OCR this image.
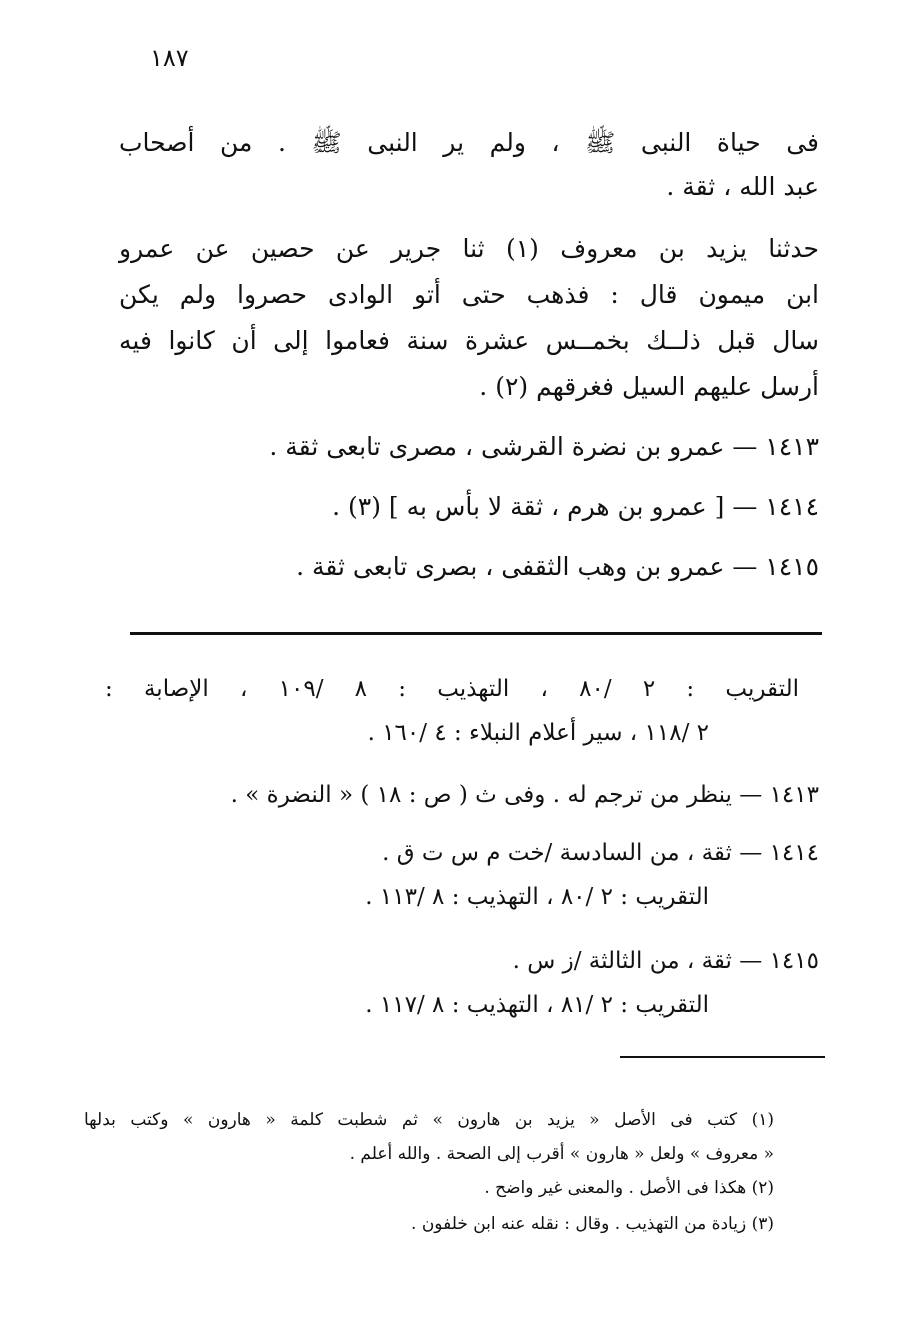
١٨٧
فى حياة النبى ﷺ ، ولم ير النبى ﷺ . من أصحاب
عبد الله ، ثقة .
حدثنا يزيد بن معروف (١) ثنا جرير عن حصين عن عمرو
ابن ميمون قال : فذهب حتى أتو الوادى حصروا ولم يكن
سال قبل ذلــك بخمــس عشرة سنة فعاموا إلى أن كانوا فيه
أرسل عليهم السيل فغرقهم (٢) .
١٤١٣ — عمرو بن نضرة القرشى ، مصرى تابعى ثقة .
١٤١٤ — [ عمرو بن هرم ، ثقة لا بأس به ] (٣) .
١٤١٥ — عمرو بن وهب الثقفى ، بصرى تابعى ثقة .
التقريب : ٢ /٨٠ ، التهذيب : ٨ /١٠٩ ، الإصابة :
٢ /١١٨ ، سير أعلام النبلاء : ٤ /١٦٠ .
١٤١٣ — ينظر من ترجم له . وفى ث ( ص : ١٨ ) « النضرة » .
١٤١٤ — ثقة ، من السادسة /خت م س ت ق .
التقريب : ٢ /٨٠ ، التهذيب : ٨ /١١٣ .
١٤١٥ — ثقة ، من الثالثة /ز س .
التقريب : ٢ /٨١ ، التهذيب : ٨ /١١٧ .
(١) كتب فى الأصل « يزيد بن هارون » ثم شطبت كلمة « هارون » وكتب بدلها
« معروف » ولعل « هارون » أقرب إلى الصحة . والله أعلم .
(٢) هكذا فى الأصل . والمعنى غير واضح .
(٣) زيادة من التهذيب . وقال : نقله عنه ابن خلفون .
